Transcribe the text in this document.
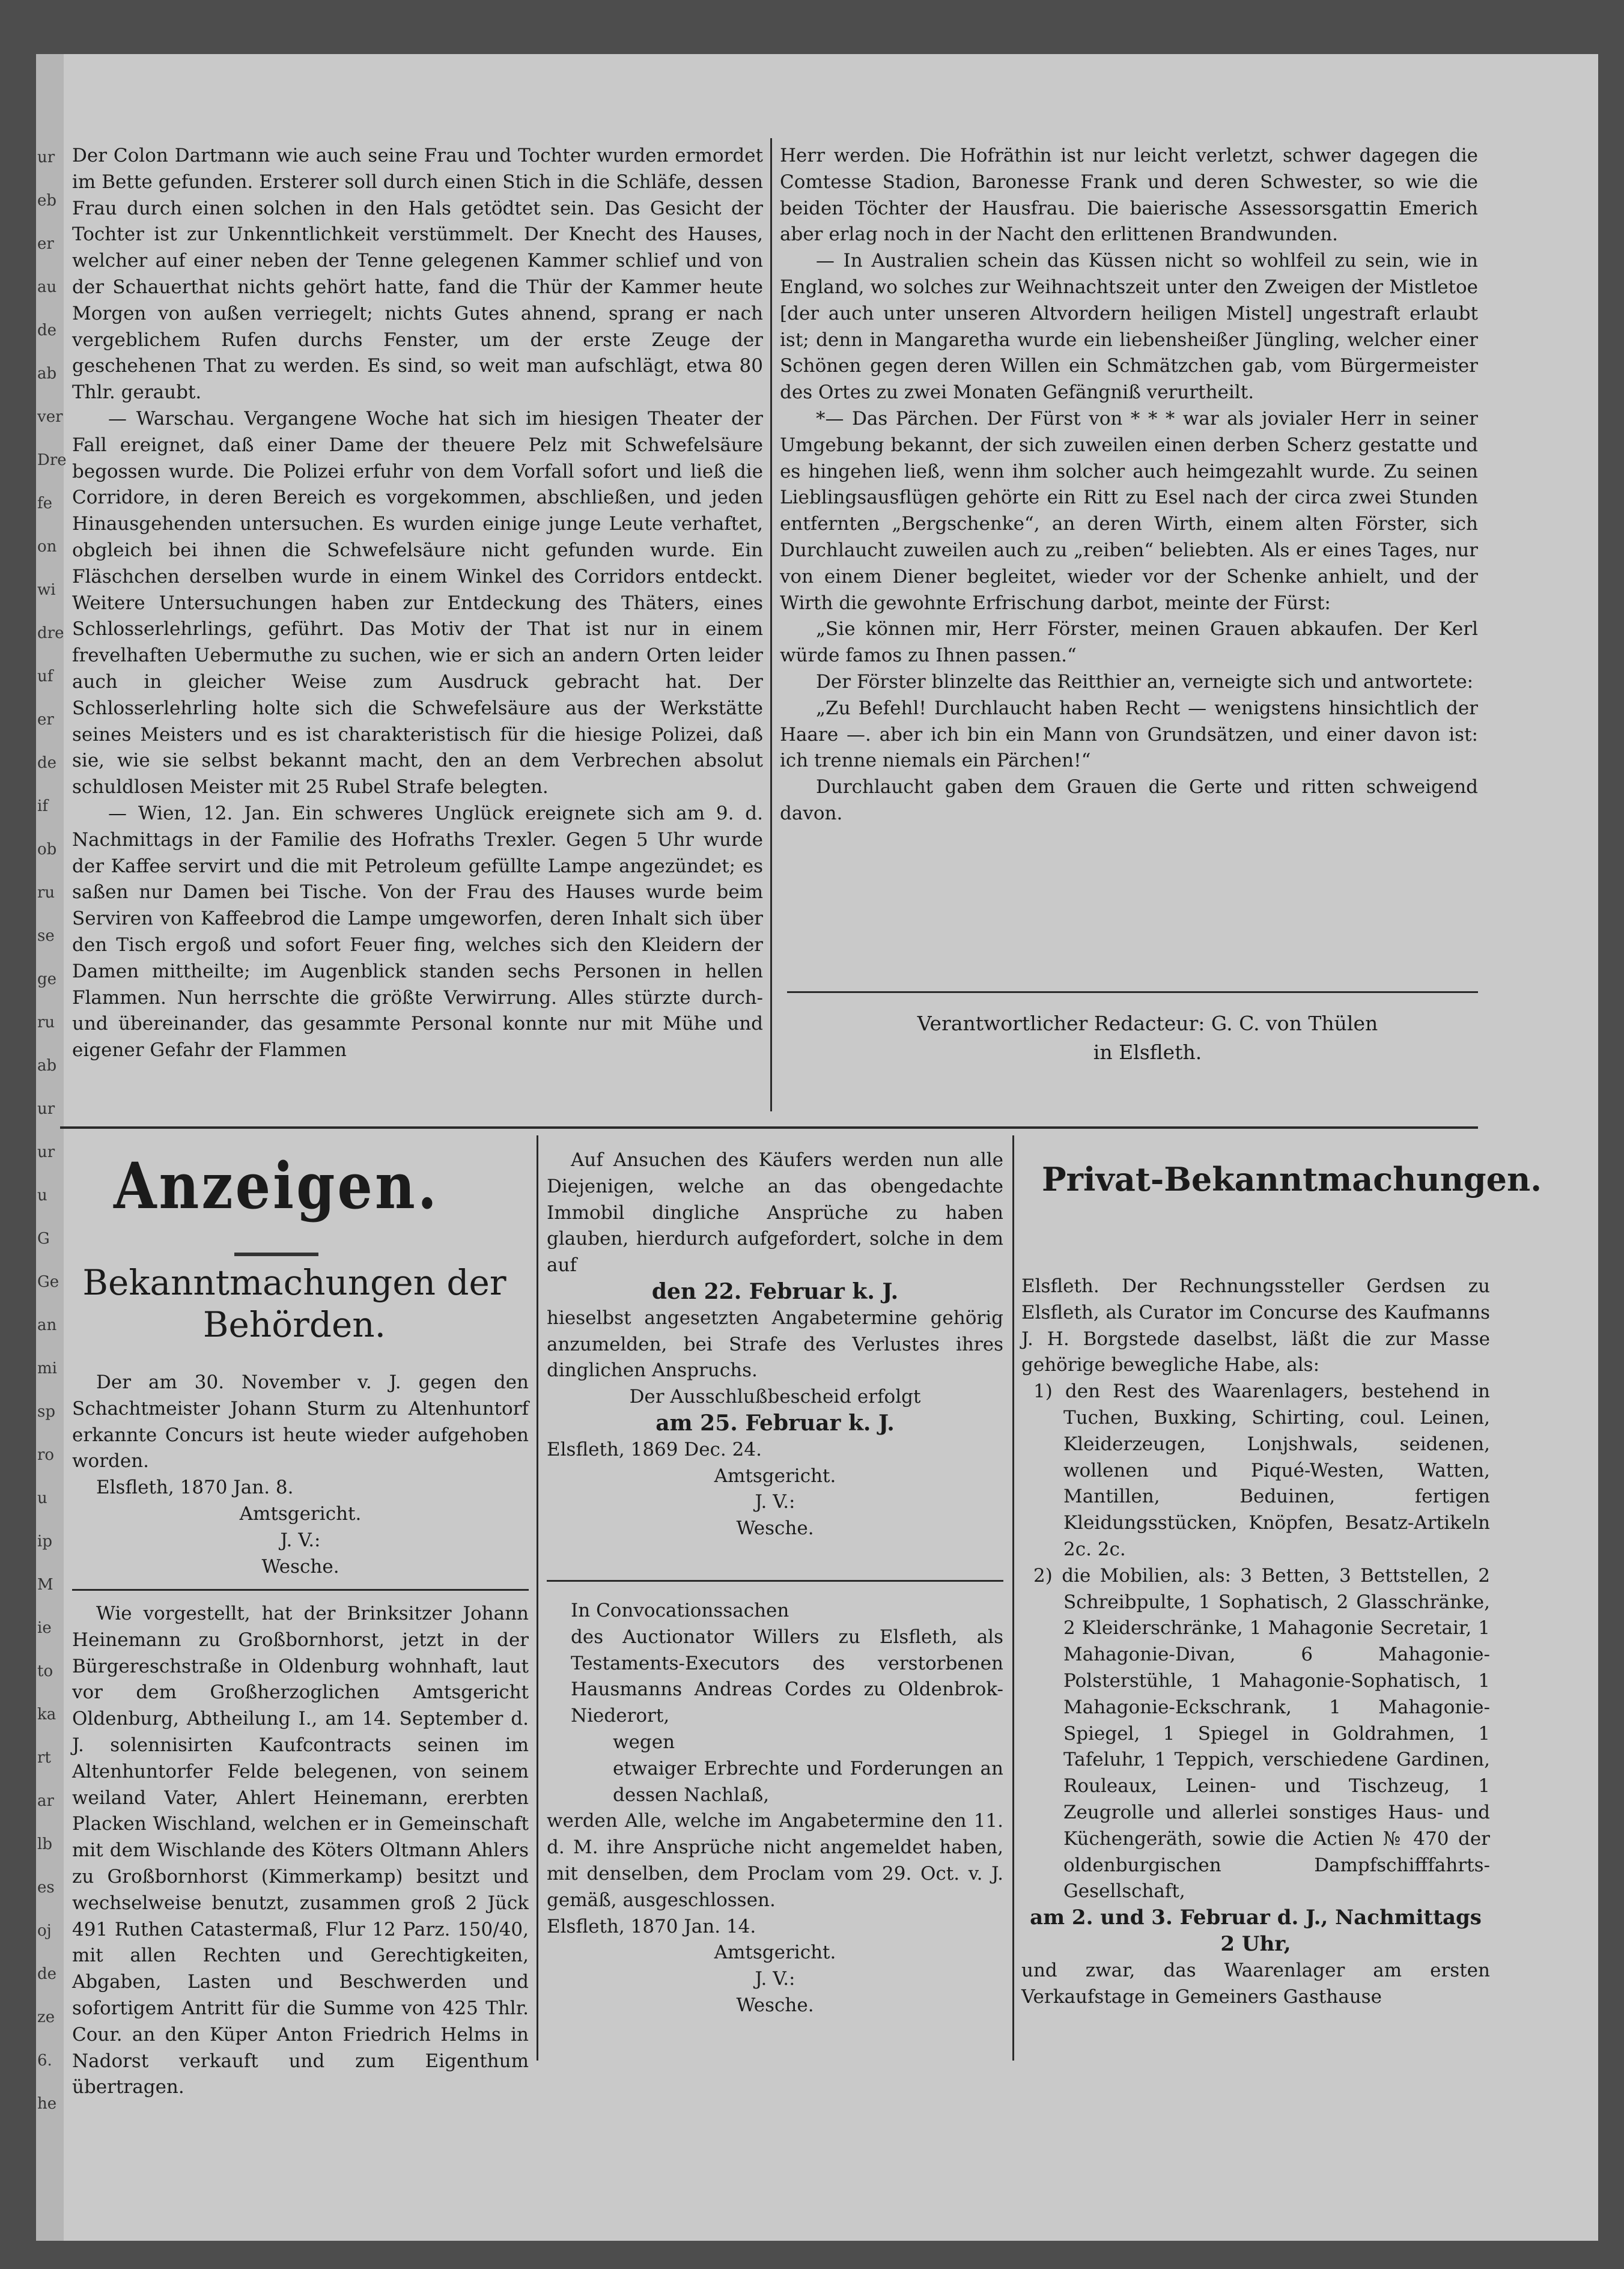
ur
eb
er
au
de
ab
ver
Dre
fe
on
wi
dre
uf
er
de
if
ob
ru
se
ge
ru
ab
ur
ur
u
G
Ge
an
mi
sp
ro
u
ip
M
ie
to
ka
rt
ar
lb
es
oj
de
ze
6.
he

Der Colon Dartmann wie auch seine Frau und Tochter wurden ermordet im Bette gefunden. Ersterer soll durch einen Stich in die Schläfe, dessen Frau durch einen solchen in den Hals getödtet sein. Das Gesicht der Tochter ist zur Unkenntlichkeit verstümmelt. Der Knecht des Hauses, welcher auf einer neben der Tenne gelegenen Kammer schlief und von der Schauerthat nichts gehört hatte, fand die Thür der Kammer heute Morgen von außen verriegelt; nichts Gutes ahnend, sprang er nach vergeblichem Rufen durchs Fenster, um der erste Zeuge der geschehenen That zu werden. Es sind, so weit man aufschlägt, etwa 80 Thlr. geraubt.

— Warschau. Vergangene Woche hat sich im hiesigen Theater der Fall ereignet, daß einer Dame der theuere Pelz mit Schwefelsäure begossen wurde. Die Polizei erfuhr von dem Vorfall sofort und ließ die Corridore, in deren Bereich es vorgekommen, abschließen, und jeden Hinausgehenden untersuchen. Es wurden einige junge Leute verhaftet, obgleich bei ihnen die Schwefelsäure nicht gefunden wurde. Ein Fläschchen derselben wurde in einem Winkel des Corridors entdeckt. Weitere Untersuchungen haben zur Entdeckung des Thäters, eines Schlosserlehrlings, geführt. Das Motiv der That ist nur in einem frevelhaften Uebermuthe zu suchen, wie er sich an andern Orten leider auch in gleicher Weise zum Ausdruck gebracht hat. Der Schlosserlehrling holte sich die Schwefelsäure aus der Werkstätte seines Meisters und es ist charakteristisch für die hiesige Polizei, daß sie, wie sie selbst bekannt macht, den an dem Verbrechen absolut schuldlosen Meister mit 25 Rubel Strafe belegten.

— Wien, 12. Jan. Ein schweres Unglück ereignete sich am 9. d. Nachmittags in der Familie des Hofraths Trexler. Gegen 5 Uhr wurde der Kaffee servirt und die mit Petroleum gefüllte Lampe angezündet; es saßen nur Damen bei Tische. Von der Frau des Hauses wurde beim Serviren von Kaffeebrod die Lampe umgeworfen, deren Inhalt sich über den Tisch ergoß und sofort Feuer fing, welches sich den Kleidern der Damen mittheilte; im Augenblick standen sechs Personen in hellen Flammen. Nun herrschte die größte Verwirrung. Alles stürzte durch- und übereinander, das gesammte Personal konnte nur mit Mühe und eigener Gefahr der Flammen

Herr werden. Die Hofräthin ist nur leicht verletzt, schwer dagegen die Comtesse Stadion, Baronesse Frank und deren Schwester, so wie die beiden Töchter der Hausfrau. Die baierische Assessorsgattin Emerich aber erlag noch in der Nacht den erlittenen Brandwunden.

— In Australien schein das Küssen nicht so wohlfeil zu sein, wie in England, wo solches zur Weihnachtszeit unter den Zweigen der Mistletoe [der auch unter unseren Altvordern heiligen Mistel] ungestraft erlaubt ist; denn in Mangaretha wurde ein liebensheißer Jüngling, welcher einer Schönen gegen deren Willen ein Schmätzchen gab, vom Bürgermeister des Ortes zu zwei Monaten Gefängniß verurtheilt.

*— Das Pärchen. Der Fürst von * * * war als jovialer Herr in seiner Umgebung bekannt, der sich zuweilen einen derben Scherz gestatte und es hingehen ließ, wenn ihm solcher auch heimgezahlt wurde. Zu seinen Lieblingsausflügen gehörte ein Ritt zu Esel nach der circa zwei Stunden entfernten „Bergschenke“, an deren Wirth, einem alten Förster, sich Durchlaucht zuweilen auch zu „reiben“ beliebten. Als er eines Tages, nur von einem Diener begleitet, wieder vor der Schenke anhielt, und der Wirth die gewohnte Erfrischung darbot, meinte der Fürst:

„Sie können mir, Herr Förster, meinen Grauen abkaufen. Der Kerl würde famos zu Ihnen passen.“

Der Förster blinzelte das Reitthier an, verneigte sich und antwortete:

„Zu Befehl! Durchlaucht haben Recht — wenigstens hinsichtlich der Haare —. aber ich bin ein Mann von Grundsätzen, und einer davon ist: ich trenne niemals ein Pärchen!“

Durchlaucht gaben dem Grauen die Gerte und ritten schweigend davon.

Verantwortlicher Redacteur: G. C. von Thülen
in Elsfleth.
Anzeigen.
Bekanntmachungen der Behörden.

Der am 30. November v. J. gegen den Schachtmeister Johann Sturm zu Altenhuntorf erkannte Concurs ist heute wieder aufgehoben worden.

Elsfleth, 1870 Jan. 8.

Amtsgericht.

J. V.:

Wesche.

Wie vorgestellt, hat der Brinksitzer Johann Heinemann zu Großbornhorst, jetzt in der Bürgereschstraße in Oldenburg wohnhaft, laut vor dem Großherzoglichen Amtsgericht Oldenburg, Abtheilung I., am 14. September d. J. solennisirten Kaufcontracts seinen im Altenhuntorfer Felde belegenen, von seinem weiland Vater, Ahlert Heinemann, ererbten Placken Wischland, welchen er in Gemeinschaft mit dem Wischlande des Köters Oltmann Ahlers zu Großbornhorst (Kimmerkamp) besitzt und wechselweise benutzt, zusammen groß 2 Jück 491 Ruthen Catastermaß, Flur 12 Parz. 150/40, mit allen Rechten und Gerechtigkeiten, Abgaben, Lasten und Beschwerden und sofortigem Antritt für die Summe von 425 Thlr. Cour. an den Küper Anton Friedrich Helms in Nadorst verkauft und zum Eigenthum übertragen.

Auf Ansuchen des Käufers werden nun alle Diejenigen, welche an das obengedachte Immobil dingliche Ansprüche zu haben glauben, hierdurch aufgefordert, solche in dem auf

den 22. Februar k. J.

hieselbst angesetzten Angabetermine gehörig anzumelden, bei Strafe des Verlustes ihres dinglichen Anspruchs.

Der Ausschlußbescheid erfolgt

am 25. Februar k. J.

Elsfleth, 1869 Dec. 24.

Amtsgericht.

J. V.:

Wesche.

In Convocationssachen

des Auctionator Willers zu Elsfleth, als Testaments-Executors des verstorbenen Hausmanns Andreas Cordes zu Oldenbrok-Niederort,

wegen

etwaiger Erbrechte und Forderungen an dessen Nachlaß,

werden Alle, welche im Angabetermine den 11. d. M. ihre Ansprüche nicht angemeldet haben, mit denselben, dem Proclam vom 29. Oct. v. J. gemäß, ausgeschlossen.

Elsfleth, 1870 Jan. 14.

Amtsgericht.

J. V.:

Wesche.

Privat-Bekanntmachungen.

Elsfleth. Der Rechnungssteller Gerdsen zu Elsfleth, als Curator im Concurse des Kaufmanns J. H. Borgstede daselbst, läßt die zur Masse gehörige bewegliche Habe, als:

1) den Rest des Waarenlagers, bestehend in Tuchen, Buxking, Schirting, coul. Leinen, Kleiderzeugen, Lonjshwals, seidenen, wollenen und Piqué-Westen, Watten, Mantillen, Beduinen, fertigen Kleidungsstücken, Knöpfen, Besatz-Artikeln 2c. 2c.

2) die Mobilien, als: 3 Betten, 3 Bettstellen, 2 Schreibpulte, 1 Sophatisch, 2 Glasschränke, 2 Kleiderschränke, 1 Mahagonie Secretair, 1 Mahagonie-Divan, 6 Mahagonie-Polsterstühle, 1 Mahagonie-Sophatisch, 1 Mahagonie-Eckschrank, 1 Mahagonie-Spiegel, 1 Spiegel in Goldrahmen, 1 Tafeluhr, 1 Teppich, verschiedene Gardinen, Rouleaux, Leinen- und Tischzeug, 1 Zeugrolle und allerlei sonstiges Haus- und Küchengeräth, sowie die Actien № 470 der oldenburgischen Dampfschifffahrts-Gesellschaft,

am 2. und 3. Februar d. J., Nachmittags 2 Uhr,

und zwar, das Waarenlager am ersten Verkaufstage in Gemeiners Gasthause
